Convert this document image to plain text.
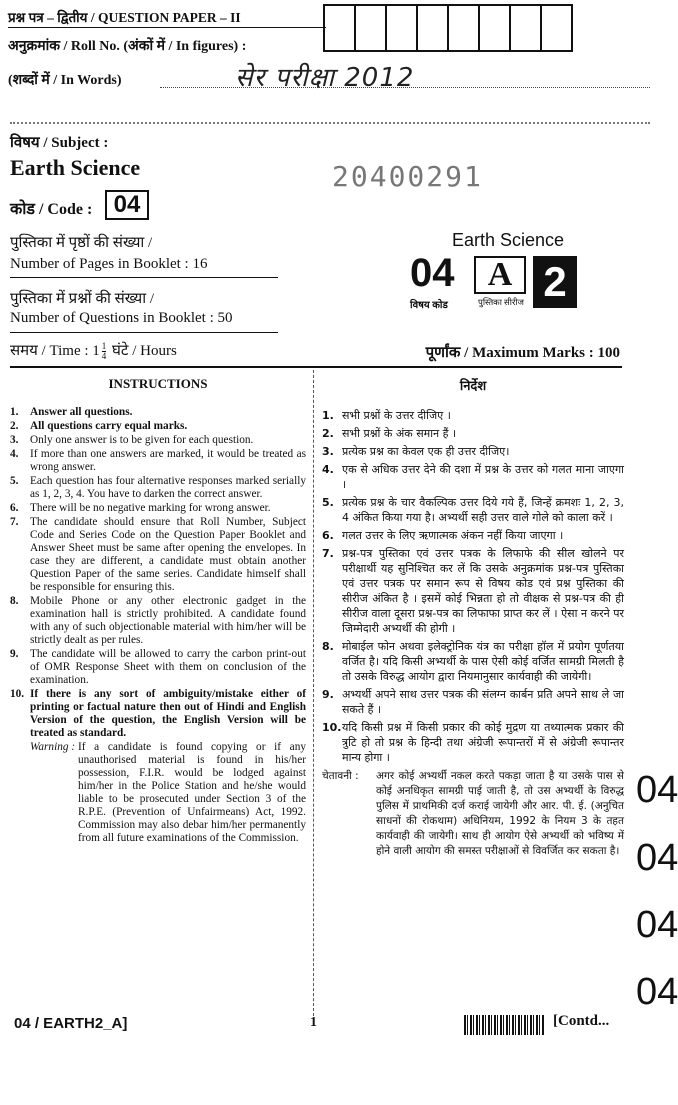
प्रश्न पत्र – द्वितीय / QUESTION PAPER – II
अनुक्रमांक / Roll No. (अंकों में / In figures) :
(शब्दों में / In Words)	सेर परीक्षा 2012
विषय / Subject :
Earth Science	20400291
कोड / Code : 04
पुस्तिका में पृष्ठों की संख्या /
Number of Pages in Booklet : 16
पुस्तिका में प्रश्नों की संख्या /
Number of Questions in Booklet : 50
Earth Science
04 A 2
विषय कोड	पुस्तिका सीरीज
समय / Time : $1 \frac{1}{4}$ घंटे / Hours	पूर्णांक / Maximum Marks : 100
INSTRUCTIONS
1.	Answer all questions.
2.	All questions carry equal marks.
3.	Only one answer is to be given for each question.
4.	If more than one answers are marked, it would be treated as wrong answer.
5.	Each question has four alternative responses marked serially as 1, 2, 3, 4. You have to darken the correct answer.
6.	There will be no negative marking for wrong answer.
7.	The candidate should ensure that Roll Number, Subject Code and Series Code on the Question Paper Booklet and Answer Sheet must be same after opening the envelopes. In case they are different, a candidate must obtain another Question Paper of the same series. Candidate himself shall be responsible for ensuring this.
8.	Mobile Phone or any other electronic gadget in the examination hall is strictly prohibited. A candidate found with any of such objectionable material with him/her will be strictly dealt as per rules.
9.	The candidate will be allowed to carry the carbon print-out of OMR Response Sheet with them on conclusion of the examination.
10. If there is any sort of ambiguity/mistake either of printing or factual nature then out of Hindi and English Version of the question, the English Version will be treated as standard.
Warning : If a candidate is found copying or if any unauthorised material is found in his/her possession, F.I.R. would be lodged against him/her in the Police Station and he/she would liable to be prosecuted under Section 3 of the R.P.E. (Prevention of Unfairmeans) Act, 1992. Commission may also debar him/her permanently from all future examinations of the Commission.
निर्देश
1. सभी प्रश्नों के उत्तर दीजिए ।
2. सभी प्रश्नों के अंक समान हैं ।
3. प्रत्येक प्रश्न का केवल एक ही उत्तर दीजिए।
4. एक से अधिक उत्तर देने की दशा में प्रश्न के उत्तर को गलत माना जाएगा ।
5. प्रत्येक प्रश्न के चार वैकल्पिक उत्तर दिये गये हैं, जिन्हें क्रमशः 1, 2, 3, 4 अंकित किया गया है। अभ्यर्थी सही उत्तर वाले गोले को काला करें ।
6. गलत उत्तर के लिए ऋणात्मक अंकन नहीं किया जाएगा ।
7. प्रश्न-पत्र पुस्तिका एवं उत्तर पत्रक के लिफाफे की सील खोलने पर परीक्षार्थी यह सुनिश्चित कर लें कि उसके अनुक्रमांक प्रश्न-पत्र पुस्तिका एवं उत्तर पत्रक पर समान रूप से विषय कोड एवं प्रश्न पुस्तिका की सीरीज अंकित है । इसमें कोई भिन्नता हो तो वीक्षक से प्रश्न-पत्र की ही सीरीज वाला दूसरा प्रश्न-पत्र का लिफाफा प्राप्त कर लें । ऐसा न करने पर जिम्मेदारी अभ्यर्थी की होगी ।
8. मोबाईल फोन अथवा इलेक्ट्रोनिक यंत्र का परीक्षा हॉल में प्रयोग पूर्णतया वर्जित है। यदि किसी अभ्यर्थी के पास ऐसी कोई वर्जित सामग्री मिलती है तो उसके विरुद्ध आयोग द्वारा नियमानुसार कार्यवाही की जायेगी।
9. अभ्यर्थी अपने साथ उत्तर पत्रक की संलग्न कार्बन प्रति अपने साथ ले जा सकते हैं ।
10. यदि किसी प्रश्न में किसी प्रकार की कोई मुद्रण या तथ्यात्मक प्रकार की त्रुटि हो तो प्रश्न के हिन्दी तथा अंग्रेजी रूपान्तरों में से अंग्रेजी रूपान्तर मान्य होगा ।
चेतावनी :	अगर कोई अभ्यर्थी नकल करते पकड़ा जाता है या उसके पास से कोई अनधिकृत सामग्री पाई जाती है, तो उस अभ्यर्थी के विरुद्ध पुलिस में प्राथमिकी दर्ज कराई जायेगी और आर. पी. ई. (अनुचित साधनों की रोकथाम) अधिनियम, 1992 के नियम 3 के तहत कार्यवाही की जायेगी। साथ ही आयोग ऐसे अभ्यर्थी को भविष्य में होने वाली आयोग की समस्त परीक्षाओं से विवर्जित कर सकता है।
04
04
04
04
04 / EARTH2_A]	1	[Contd...
